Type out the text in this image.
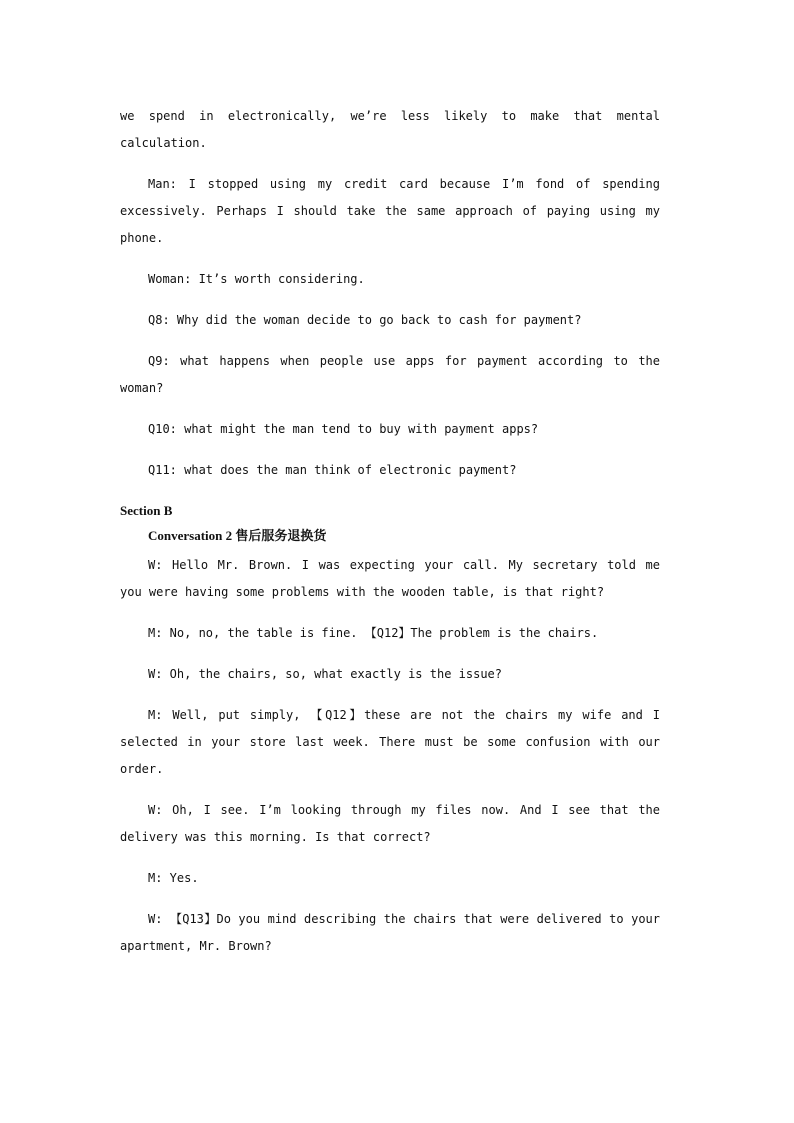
we spend in electronically, we’re less likely to make that mental calculation.

Man: I stopped using my credit card because I’m fond of spending excessively. Perhaps I should take the same approach of paying using my phone.

Woman: It’s worth considering.

Q8: Why did the woman decide to go back to cash for payment?

Q9: what happens when people use apps for payment according to the woman?

Q10: what might the man tend to buy with payment apps?

Q11: what does the man think of electronic payment?

Section B

Conversation 2 售后服务退换货

W: Hello Mr. Brown. I was expecting your call. My secretary told me you were having some problems with the wooden table, is that right?

M: No, no, the table is fine. 【Q12】The problem is the chairs.

W: Oh, the chairs, so, what exactly is the issue?

M: Well, put simply, 【Q12】these are not the chairs my wife and I selected in your store last week. There must be some confusion with our order.

W: Oh, I see. I’m looking through my files now. And I see that the delivery was this morning. Is that correct?

M: Yes.

W: 【Q13】Do you mind describing the chairs that were delivered to your apartment, Mr. Brown?
